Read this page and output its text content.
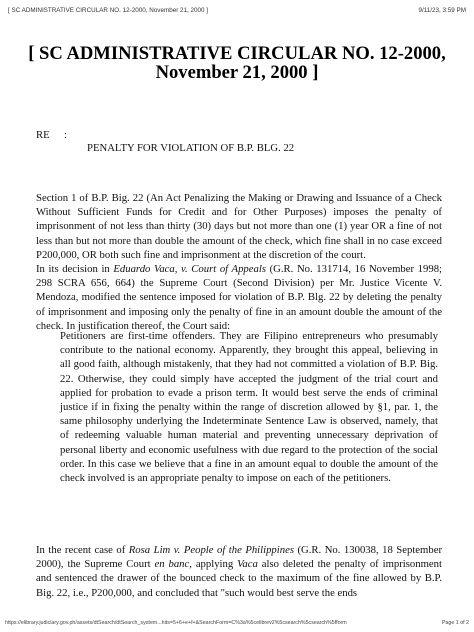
[ SC ADMINISTRATIVE CIRCULAR NO. 12-2000, November 21, 2000 ]	9/11/23, 3:59 PM
[ SC ADMINISTRATIVE CIRCULAR NO. 12-2000,
November 21, 2000 ]
RE :
PENALTY FOR VIOLATION OF B.P. BLG. 22
Section 1 of B.P. Big. 22 (An Act Penalizing the Making or Drawing and Issuance of a Check Without Sufficient Funds for Credit and for Other Purposes) imposes the penalty of imprisonment of not less than thirty (30) days but not more than one (1) year OR a fine of not less than but not more than double the amount of the check, which fine shall in no case exceed P200,000, OR both such fine and imprisonment at the discretion of the court.
In its decision in Eduardo Vaca, v. Court of Appeals (G.R. No. 131714, 16 November 1998; 298 SCRA 656, 664) the Supreme Court (Second Division) per Mr. Justice Vicente V. Mendoza, modified the sentence imposed for violation of B.P. Blg. 22 by deleting the penalty of imprisonment and imposing only the penalty of fine in an amount double the amount of the check. In justification thereof, the Court said:
Petitioners are first-time offenders. They are Filipino entrepreneurs who presumably contribute to the national economy. Apparently, they brought this appeal, believing in all good faith, although mistakenly, that they had not committed a violation of B.P. Big. 22. Otherwise, they could simply have accepted the judgment of the trial court and applied for probation to evade a prison term. It would best serve the ends of criminal justice if in fixing the penalty within the range of discretion allowed by §1, par. 1, the same philosophy underlying the Indeterminate Sentence Law is observed, namely, that of redeeming valuable human material and preventing unnecessary deprivation of personal liberty and economic usefulness with due regard to the protection of the social order. In this case we believe that a fine in an amount equal to double the amount of the check involved is an appropriate penalty to impose on each of the petitioners.
In the recent case of Rosa Lim v. People of the Philippines (G.R. No. 130038, 18 September 2000), the Supreme Court en banc, applying Vaca also deleted the penalty of imprisonment and sentenced the drawer of the bounced check to the maximum of the fine allowed by B.P. Big. 22, i.e., P200,000, and concluded that "such would best serve the ends
https://elibrary.judiciary.gov.ph/assets/dtSearch/dtSearch_system...hits=5+6+e+f+&SearchForm=C%3a%5celibrev2%5csearch%5csearch%5fform	Page 1 of 2
